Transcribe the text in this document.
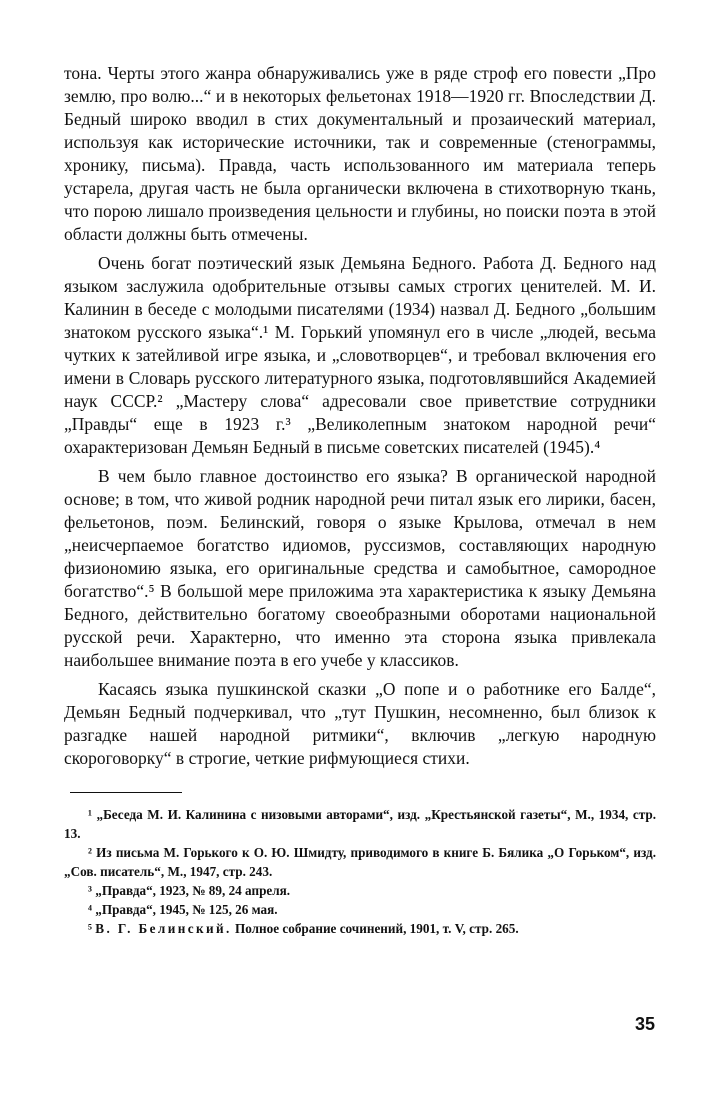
тона. Черты этого жанра обнаруживались уже в ряде строф его повести „Про землю, про волю...“ и в некоторых фельетонах 1918—1920 гг. Впоследствии Д. Бедный широко вводил в стих документальный и прозаический материал, используя как исторические источники, так и современные (стенограммы, хронику, письма). Правда, часть использованного им материала теперь устарела, другая часть не была органически включена в стихотворную ткань, что порою лишало произведения цельности и глубины, но поиски поэта в этой области должны быть отмечены.

Очень богат поэтический язык Демьяна Бедного. Работа Д. Бедного над языком заслужила одобрительные отзывы самых строгих ценителей. М. И. Калинин в беседе с молодыми писателями (1934) назвал Д. Бедного „большим знатоком русского языка“.¹ М. Горький упомянул его в числе „людей, весьма чутких к затейливой игре языка, и „словотворцев“, и требовал включения его имени в Словарь русского литературного языка, подготовлявшийся Академией наук СССР.² „Мастеру слова“ адресовали свое приветствие сотрудники „Правды“ еще в 1923 г.³ „Великолепным знатоком народной речи“ охарактеризован Демьян Бедный в письме советских писателей (1945).⁴

В чем было главное достоинство его языка? В органической народной основе; в том, что живой родник народной речи питал язык его лирики, басен, фельетонов, поэм. Белинский, говоря о языке Крылова, отмечал в нем „неисчерпаемое богатство идиомов, руссизмов, составляющих народную физиономию языка, его оригинальные средства и самобытное, самородное богатство“.⁵ В большой мере приложима эта характеристика к языку Демьяна Бедного, действительно богатому своеобразными оборотами национальной русской речи. Характерно, что именно эта сторона языка привлекала наибольшее внимание поэта в его учебе у классиков.

Касаясь языка пушкинской сказки „О попе и о работнике его Балде“, Демьян Бедный подчеркивал, что „тут Пушкин, несомненно, был близок к разгадке нашей народной ритмики“, включив „легкую народную скороговорку“ в строгие, четкие рифмующиеся стихи.

¹ „Беседа М. И. Калинина с низовыми авторами“, изд. „Крестьянской газеты“, М., 1934, стр. 13.

² Из письма М. Горького к О. Ю. Шмидту, приводимого в книге Б. Бялика „О Горьком“, изд. „Сов. писатель“, М., 1947, стр. 243.

³ „Правда“, 1923, № 89, 24 апреля.

⁴ „Правда“, 1945, № 125, 26 мая.

⁵ В. Г. Белинский. Полное собрание сочинений, 1901, т. V, стр. 265.

35
